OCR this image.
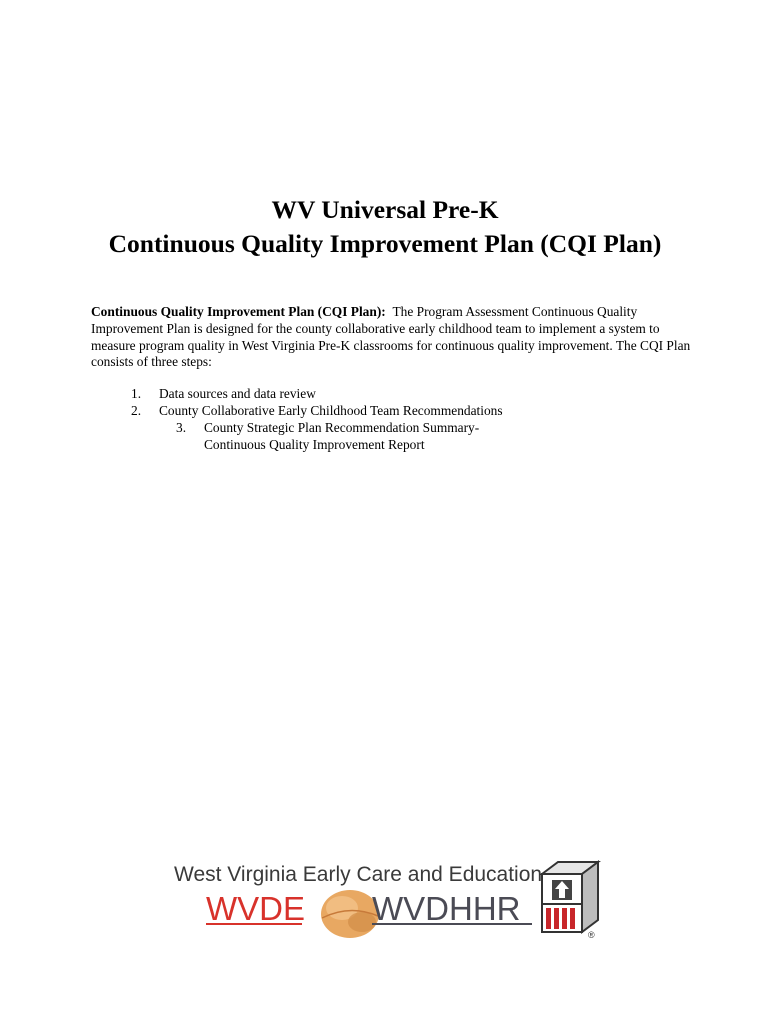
WV Universal Pre-K
Continuous Quality Improvement Plan (CQI Plan)
Continuous Quality Improvement Plan (CQI Plan): The Program Assessment Continuous Quality Improvement Plan is designed for the county collaborative early childhood team to implement a system to measure program quality in West Virginia Pre-K classrooms for continuous quality improvement. The CQI Plan consists of three steps:
1. Data sources and data review
2. County Collaborative Early Childhood Team Recommendations
3. County Strategic Plan Recommendation Summary-
Continuous Quality Improvement Report
West Virginia Early Care and Education
WVDE WVDHHR
®
